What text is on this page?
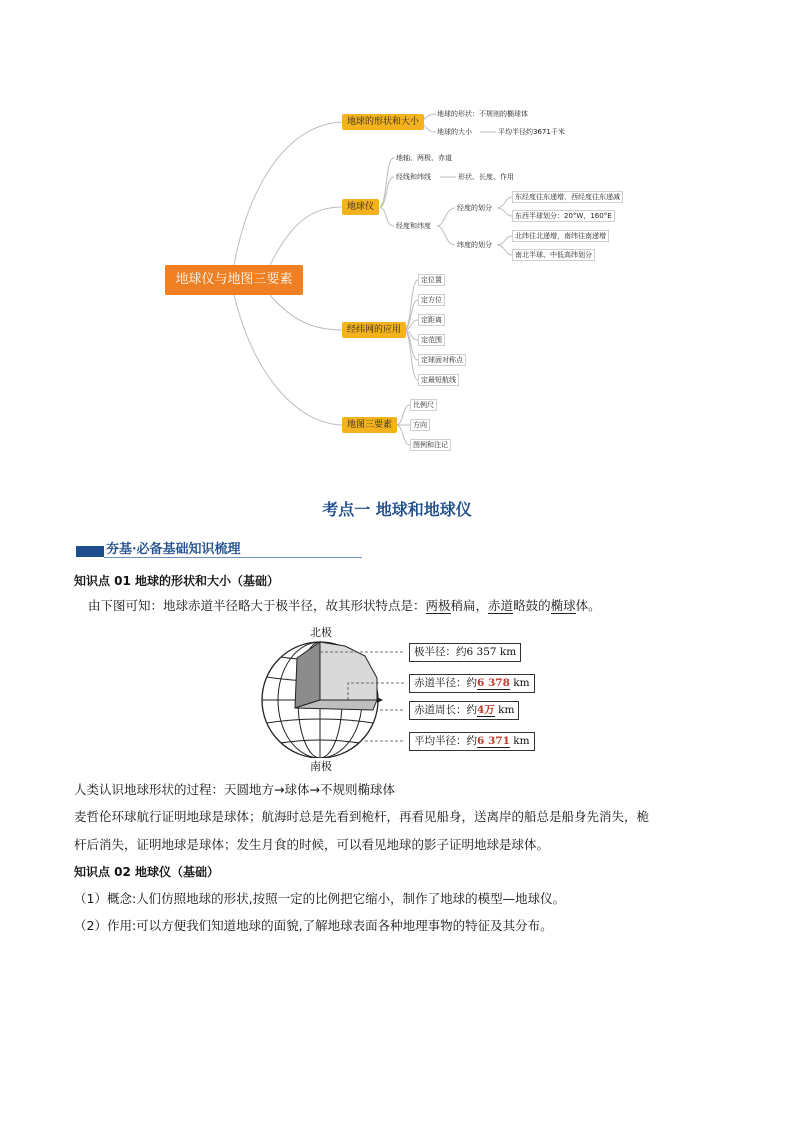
地球仪与地图三要素
地球的形状和大小
地球的形状：不规则的椭球体
地球的大小	平均半径约3671千米
地球仪
地轴、两极、赤道
经线和纬线	形状、长度、作用
经度和纬度
经度的划分
纬度的划分
东经度往东递增，西经度往东递减
东西半球划分：20°W，160°E
北纬往北递增，南纬往南递增
南北半球、中低高纬划分
经纬网的应用
定位置
定方位
定距离
定范围
定球面对称点
定最短航线
地图三要素
比例尺
方向
图例和注记
考点一 地球和地球仪
夯基·必备基础知识梳理
知识点 01 地球的形状和大小（基础）
由下图可知：地球赤道半径略大于极半径，故其形状特点是：两极稍扁，赤道略鼓的椭球体。
北极
南极
极半径：约6 357 km
赤道半径：约6 378 km
赤道周长：约4万 km
平均半径：约6 371 km
人类认识地球形状的过程：天圆地方→球体→不规则椭球体
麦哲伦环球航行证明地球是球体；航海时总是先看到桅杆，再看见船身，送离岸的船总是船身先消失，桅
杆后消失，证明地球是球体；发生月食的时候，可以看见地球的影子证明地球是球体。
知识点 02 地球仪（基础）
（1）概念:人们仿照地球的形状,按照一定的比例把它缩小，制作了地球的模型—地球仪。
（2）作用:可以方便我们知道地球的面貌,了解地球表面各种地理事物的特征及其分布。
